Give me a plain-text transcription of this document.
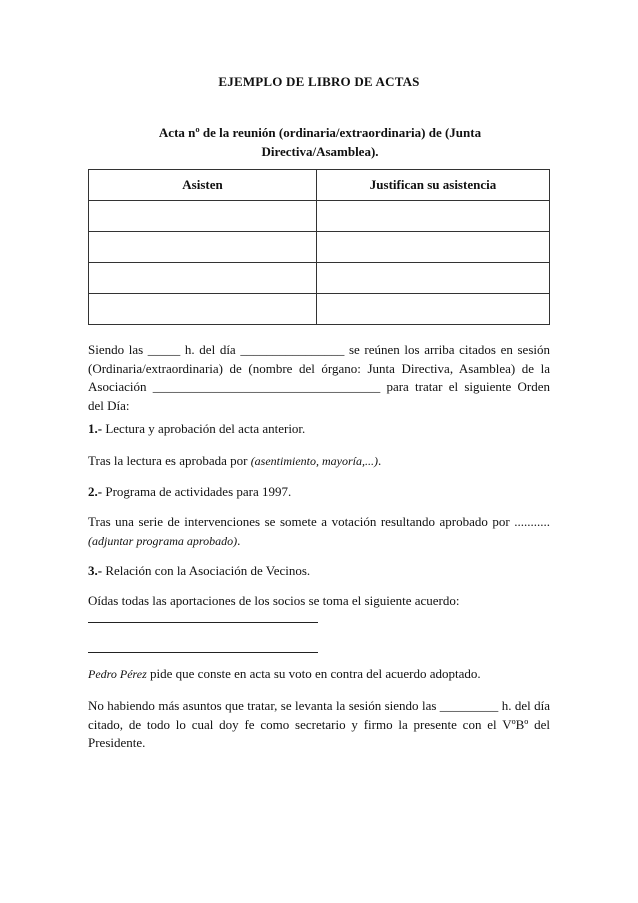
EJEMPLO DE LIBRO DE ACTAS
Acta nº de la reunión (ordinaria/extraordinaria) de (Junta Directiva/Asamblea).
Asisten	Justifican su asistencia

Siendo las _____ h. del día ________________ se reúnen los arriba citados en sesión (Ordinaria/extraordinaria) de (nombre del órgano: Junta Directiva, Asamblea) de la Asociación ___________________________________ para tratar el siguiente Orden del Día:
1.- Lectura y aprobación del acta anterior.
Tras la lectura es aprobada por (asentimiento, mayoría,...).
2.- Programa de actividades para 1997.
Tras una serie de intervenciones se somete a votación resultando aprobado por ........... (adjuntar programa aprobado).
3.- Relación con la Asociación de Vecinos.
Oídas todas las aportaciones de los socios se toma el siguiente acuerdo:
Pedro Pérez pide que conste en acta su voto en contra del acuerdo adoptado.
No habiendo más asuntos que tratar, se levanta la sesión siendo las _________ h. del día citado, de todo lo cual doy fe como secretario y firmo la presente con el VºBº del Presidente.
